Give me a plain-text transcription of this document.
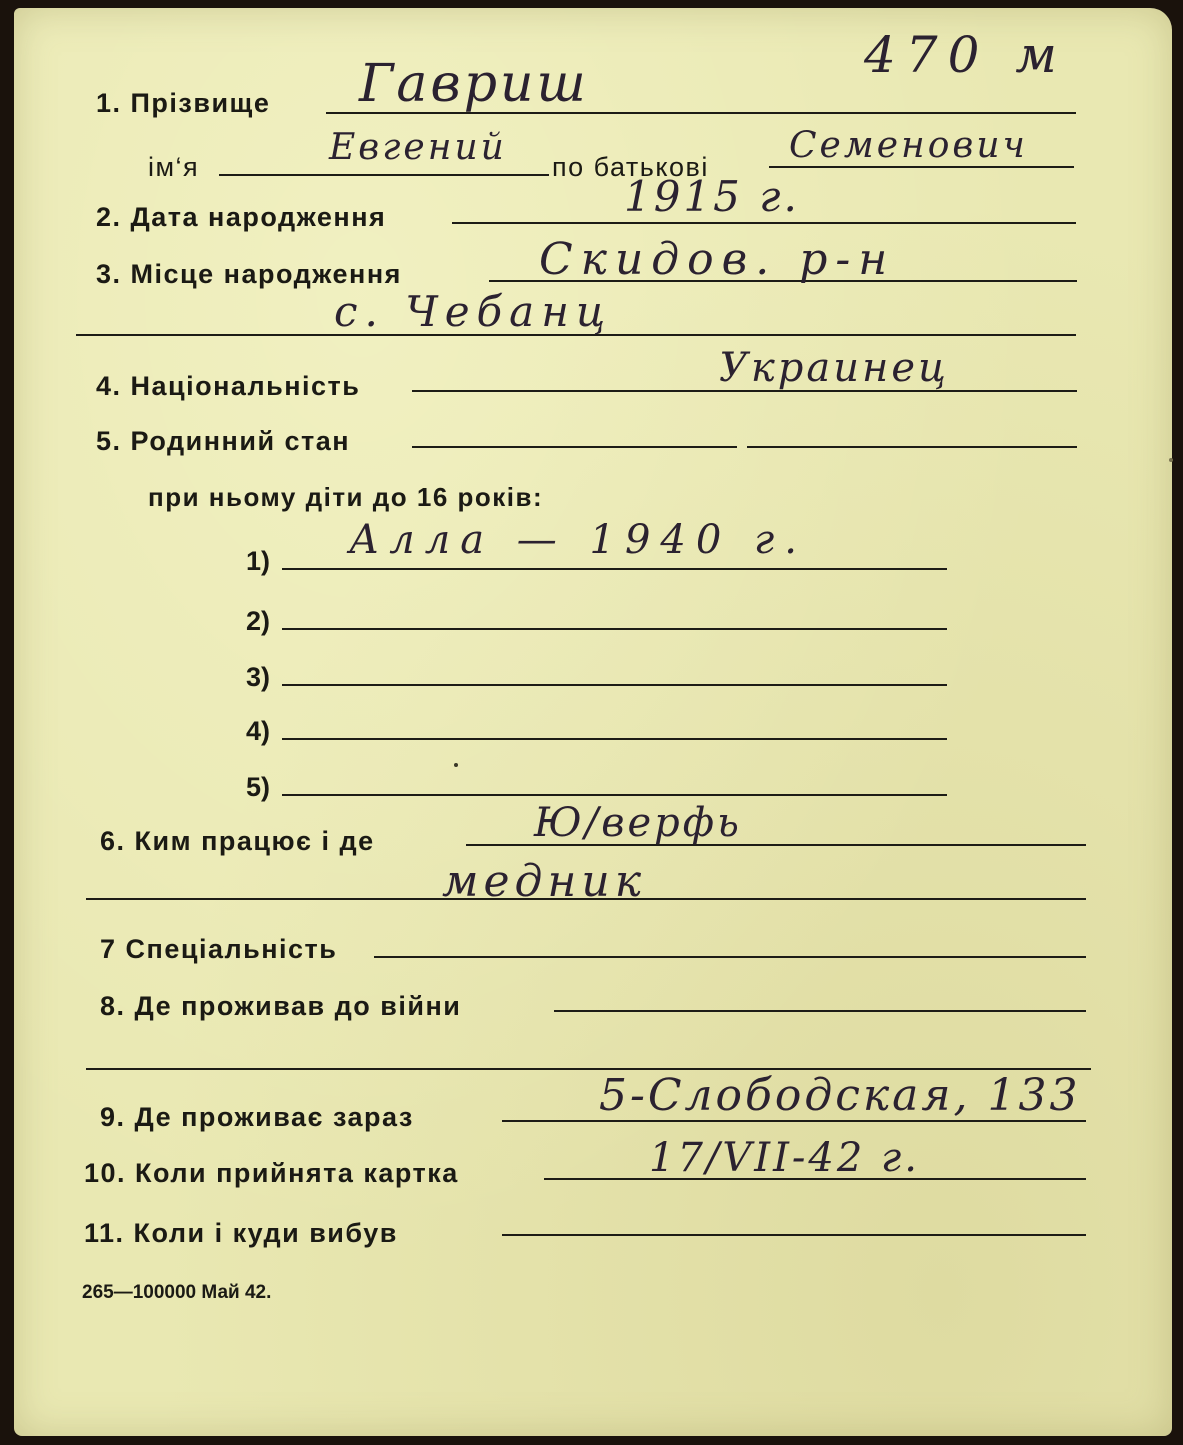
470 м
1. Прізвище Гавриш
ім‘я	Евгений по батькові
Семенович
2. Дата народження	1915 г.
3. Місце народження	Скидов. р-н
с. Чебанц
4. Національність	Украинец
5. Родинний стан
при ньому діти до 16 років:
1) Алла — 1940 г.
2)
3)
4)
5)
6. Ким працює і де	Ю/верфь
медник
7 Спеціальність
8. Де проживав до війни
9. Де проживає зараз	5-Слободская, 133
10. Коли прийнята картка	17/VII-42 г.
11. Коли і куди вибув
265—100000 Май 42.
